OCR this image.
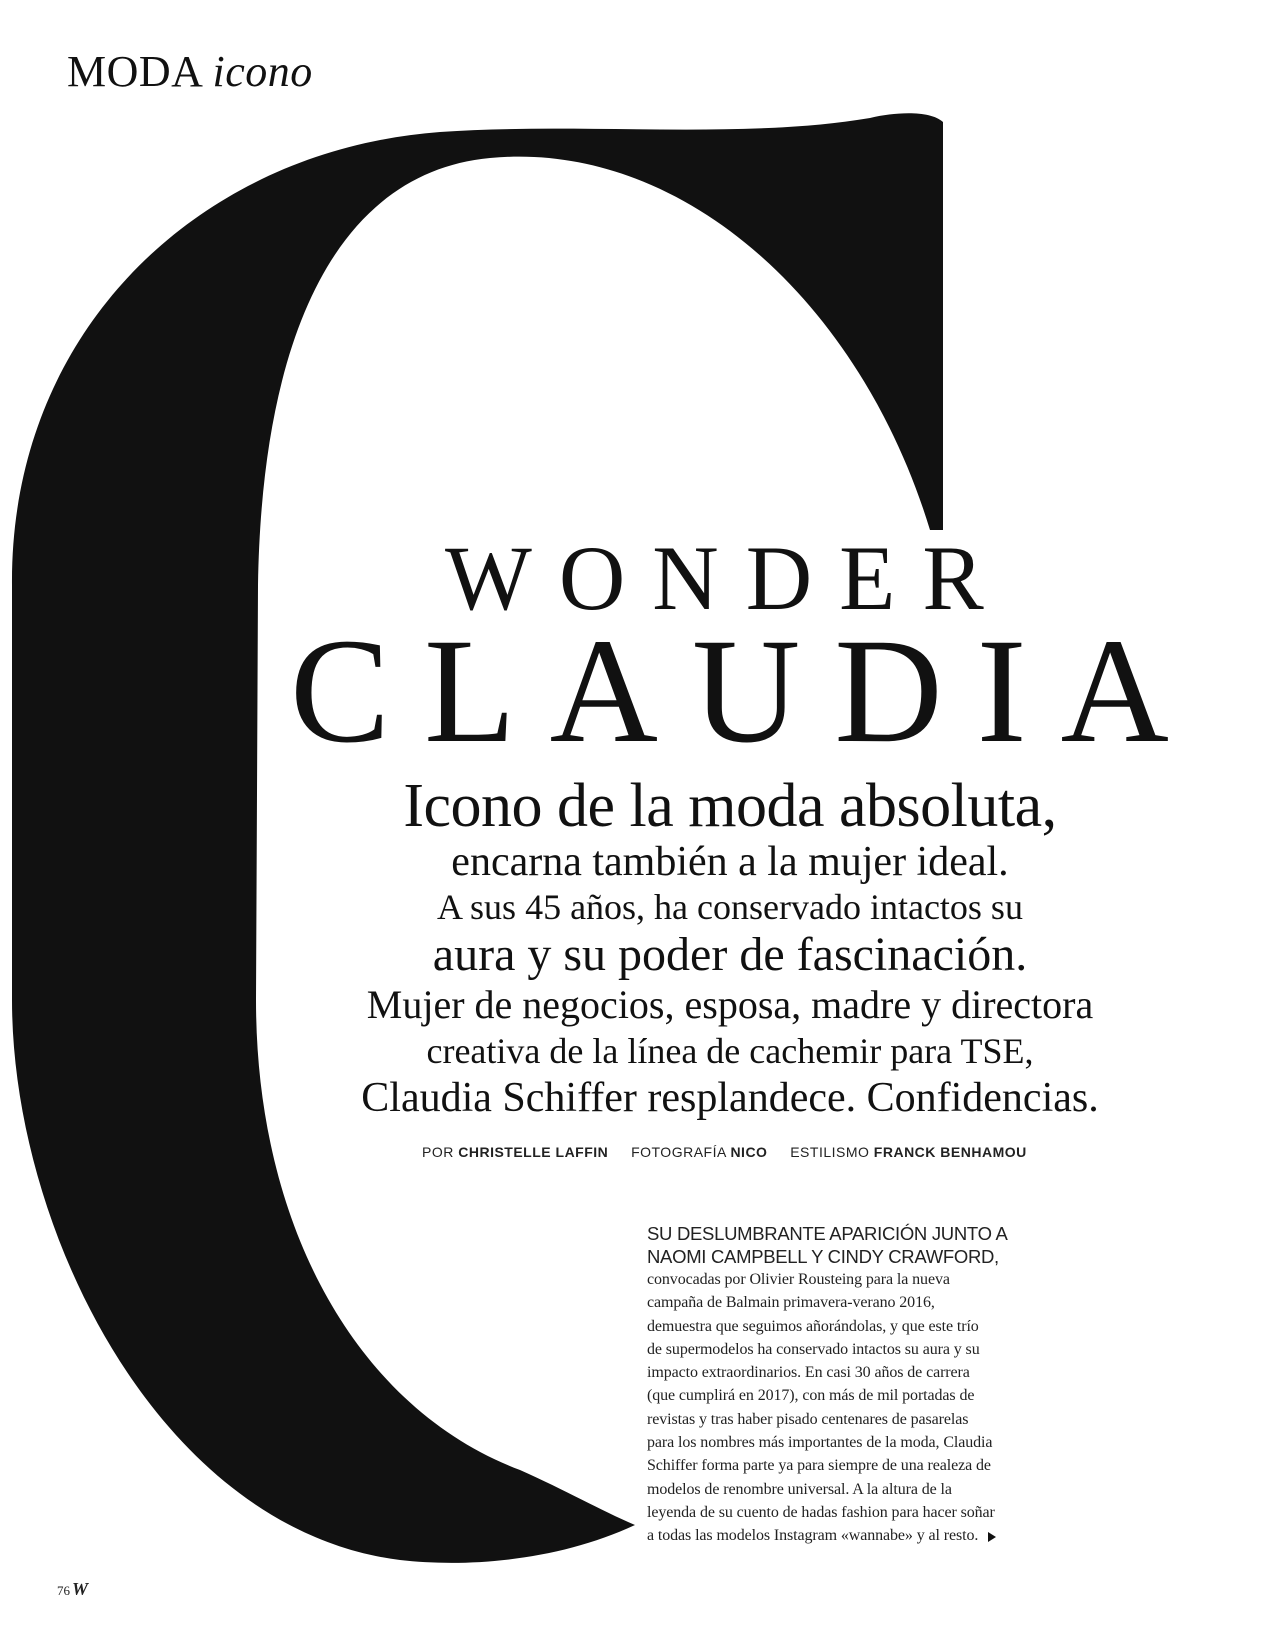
MODA icono
WONDER
CLAUDIA
Icono de la moda absoluta,
encarna también a la mujer ideal.
A sus 45 años, ha conservado intactos su
aura y su poder de fascinación.
Mujer de negocios, esposa, madre y directora
creativa de la línea de cachemir para TSE,
Claudia Schiffer resplandece. Confidencias.
POR CHRISTELLE LAFFIN FOTOGRAFÍA NICO ESTILISMO FRANCK BENHAMOU
SU DESLUMBRANTE APARICIÓN JUNTO A
NAOMI CAMPBELL Y CINDY CRAWFORD,
convocadas por Olivier Rousteing para la nueva
campaña de Balmain primavera-verano 2016,
demuestra que seguimos añorándolas, y que este trío
de supermodelos ha conservado intactos su aura y su
impacto extraordinarios. En casi 30 años de carrera
(que cumplirá en 2017), con más de mil portadas de
revistas y tras haber pisado centenares de pasarelas
para los nombres más importantes de la moda, Claudia
Schiffer forma parte ya para siempre de una realeza de
modelos de renombre universal. A la altura de la
leyenda de su cuento de hadas fashion para hacer soñar
a todas las modelos Instagram «wannabe» y al resto.
76 W
